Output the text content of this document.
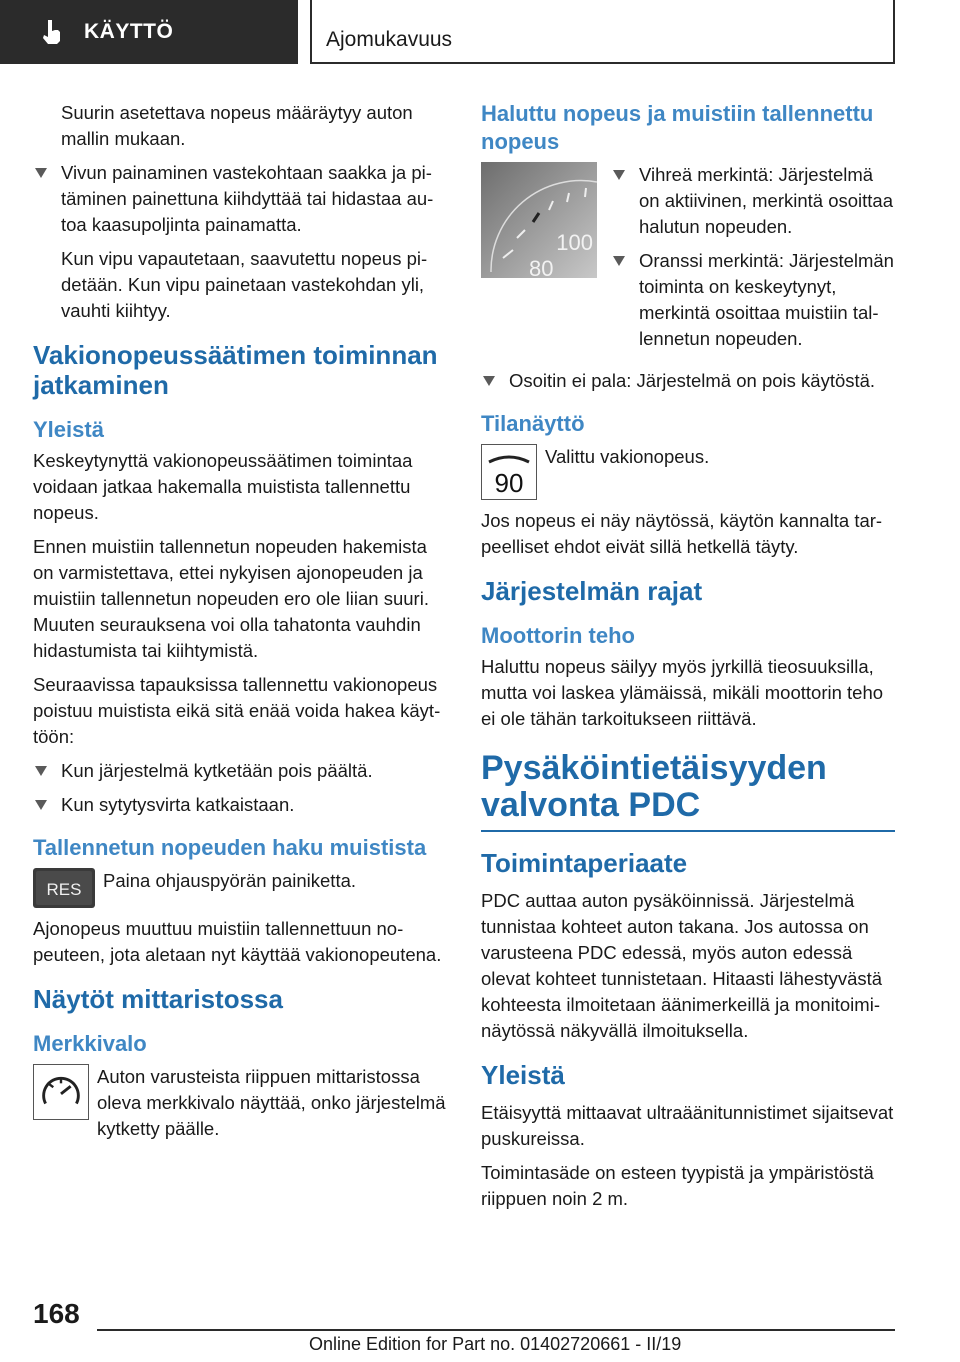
KÄYTTÖ	Ajomukavuus

Suurin asetettava nopeus määräytyy auton mallin mukaan.

Vivun painaminen vastekohtaan saakka ja pitäminen painettuna kiihdyttää tai hidastaa autoa kaasupoljinta painamatta.

Kun vipu vapautetaan, saavutettu nopeus pidetään. Kun vipu painetaan vastekohdan yli, vauhti kiihtyy.

Vakionopeussäätimen toiminnan jatkaminen
Yleistä

Keskeytynyttä vakionopeussäätimen toimintaa voidaan jatkaa hakemalla muistista tallennettu nopeus.

Ennen muistiin tallennetun nopeuden hakemista on varmistettava, ettei nykyisen ajonopeuden ja muistiin tallennetun nopeuden ero ole liian suuri. Muuten seurauksena voi olla tahatonta vauhdin hidastumista tai kiihtymistä.

Seuraavissa tapauksissa tallennettu vakionopeus poistuu muistista eikä sitä enää voida hakea käyttöön:

Kun järjestelmä kytketään pois päältä.

Kun sytytysvirta katkaistaan.

Tallennetun nopeuden haku muistista
RES Paina ohjauspyörän painiketta.

Ajonopeus muuttuu muistiin tallennettuun nopeuteen, jota aletaan nyt käyttää vakionopeutena.

Näytöt mittaristossa
Merkkivalo
Auton varusteista riippuen mittaristossa oleva merkkivalo näyttää, onko järjestelmä kytketty päälle.
Haluttu nopeus ja muistiin tallennettu nopeus
100
80

Vihreä merkintä: Järjestelmä on aktiivinen, merkintä osoittaa halutun nopeuden.

Oranssi merkintä: Järjestelmän toiminta on keskeytynyt, merkintä osoittaa muistiin tallennetun nopeuden.

Osoitin ei pala: Järjestelmä on pois käytöstä.

Tilanäyttö
90
Valittu vakionopeus.

Jos nopeus ei näy näytössä, käytön kannalta tarpeelliset ehdot eivät sillä hetkellä täyty.

Järjestelmän rajat
Moottorin teho

Haluttu nopeus säilyy myös jyrkillä tieosuuksilla, mutta voi laskea ylämäissä, mikäli moottorin teho ei ole tähän tarkoitukseen riittävä.

Pysäköintietäisyyden valvonta PDC
Toimintaperiaate

PDC auttaa auton pysäköinnissä. Järjestelmä tunnistaa kohteet auton takana. Jos autossa on varusteena PDC edessä, myös auton edessä olevat kohteet tunnistetaan. Hitaasti lähestyvästä kohteesta ilmoitetaan äänimerkeillä ja monitoiminäytössä näkyvällä ilmoituksella.

Yleistä

Etäisyyttä mittaavat ultraäänitunnistimet sijaitsevat puskureissa.

Toimintasäde on esteen tyypistä ja ympäristöstä riippuen noin 2 m.

168
Online Edition for Part no. 01402720661 - II/19
